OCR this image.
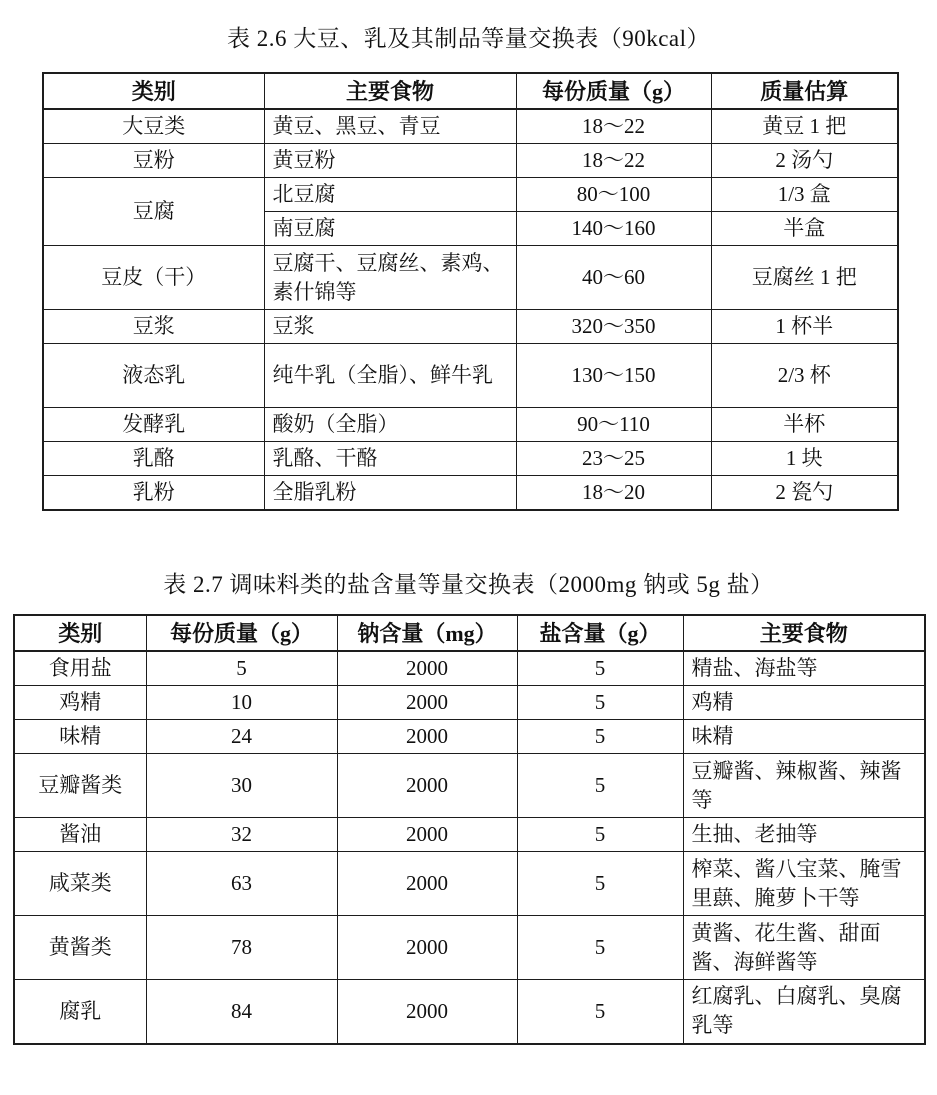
表 2.6 大豆、乳及其制品等量交换表（90kcal）
类别	主要食物	每份质量（g）	质量估算
大豆类	黄豆、黑豆、青豆	18～22	黄豆 1 把
豆粉	黄豆粉	18～22	2 汤勺
豆腐	北豆腐	80～100	1/3 盒
	南豆腐	140～160	半盒
豆皮（干）	豆腐干、豆腐丝、素鸡、素什锦等	40～60	豆腐丝 1 把
豆浆	豆浆	320～350	1 杯半
液态乳	纯牛乳（全脂）、鲜牛乳	130～150	2/3 杯
发酵乳	酸奶（全脂）	90～110	半杯
乳酪	乳酪、干酪	23～25	1 块
乳粉	全脂乳粉	18～20	2 瓷勺
表 2.7 调味料类的盐含量等量交换表（2000mg 钠或 5g 盐）
类别	每份质量（g）	钠含量（mg）	盐含量（g）	主要食物
食用盐	5	2000	5	精盐、海盐等
鸡精	10	2000	5	鸡精
味精	24	2000	5	味精
豆瓣酱类	30	2000	5	豆瓣酱、辣椒酱、辣酱等
酱油	32	2000	5	生抽、老抽等
咸菜类	63	2000	5	榨菜、酱八宝菜、腌雪里蕻、腌萝卜干等
黄酱类	78	2000	5	黄酱、花生酱、甜面酱、海鲜酱等
腐乳	84	2000	5	红腐乳、白腐乳、臭腐乳等
